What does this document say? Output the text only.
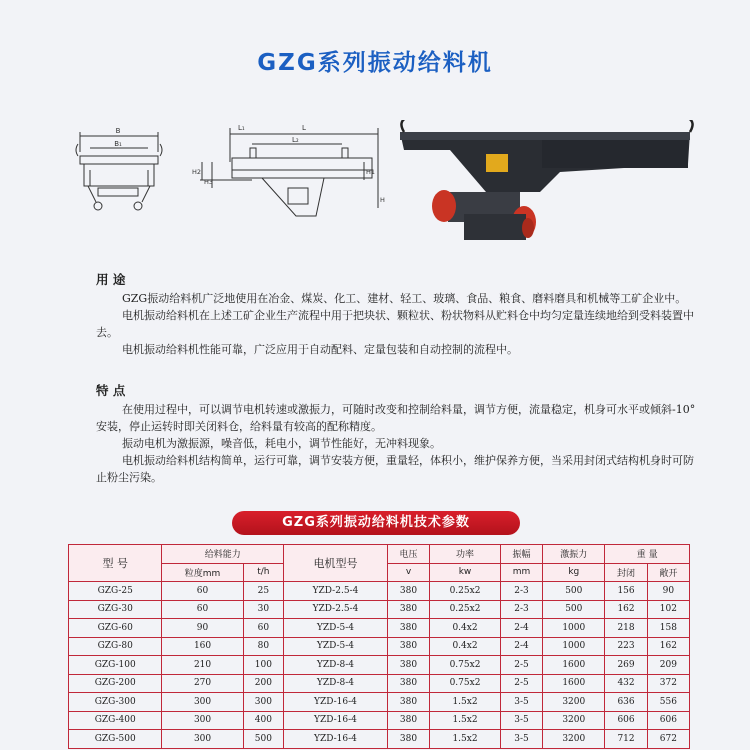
GZG系列振动给料机
B
B₁
L₁	L
L₂
H2
H3
H1
H
用 途

GZG振动给料机广泛地使用在冶金、煤炭、化工、建材、轻工、玻璃、食品、粮食、磨料磨具和机械等工矿企业中。

电机振动给料机在上述工矿企业生产流程中用于把块状、颗粒状、粉状物料从贮料仓中均匀定量连续地给到受料装置中去。

电机振动给料机性能可靠，广泛应用于自动配料、定量包装和自动控制的流程中。

特 点

在使用过程中，可以调节电机转速或激振力，可随时改变和控制给料量，调节方便，流量稳定，机身可水平或倾斜-10° 安装，停止运转时即关闭料仓，给料量有较高的配称精度。

振动电机为激振源，噪音低，耗电小，调节性能好，无冲料现象。

电机振动给料机结构简单，运行可靠，调节安装方便，重量轻，体积小，维护保养方便，当采用封闭式结构机身时可防止粉尘污染。

GZG系列振动给料机技术参数
型 号	给料能力		电机型号	电压	功率	振幅	激振力	重 量	
	粒度mm	t/h		v	kw	mm	kg	封闭	敞开
GZG-25	60	25	YZD-2.5-4	380	0.25x2	2-3	500	156	90
GZG-30	60	30	YZD-2.5-4	380	0.25x2	2-3	500	162	102
GZG-60	90	60	YZD-5-4	380	0.4x2	2-4	1000	218	158
GZG-80	160	80	YZD-5-4	380	0.4x2	2-4	1000	223	162
GZG-100	210	100	YZD-8-4	380	0.75x2	2-5	1600	269	209
GZG-200	270	200	YZD-8-4	380	0.75x2	2-5	1600	432	372
GZG-300	300	300	YZD-16-4	380	1.5x2	3-5	3200	636	556
GZG-400	300	400	YZD-16-4	380	1.5x2	3-5	3200	606	606
GZG-500	300	500	YZD-16-4	380	1.5x2	3-5	3200	712	672
